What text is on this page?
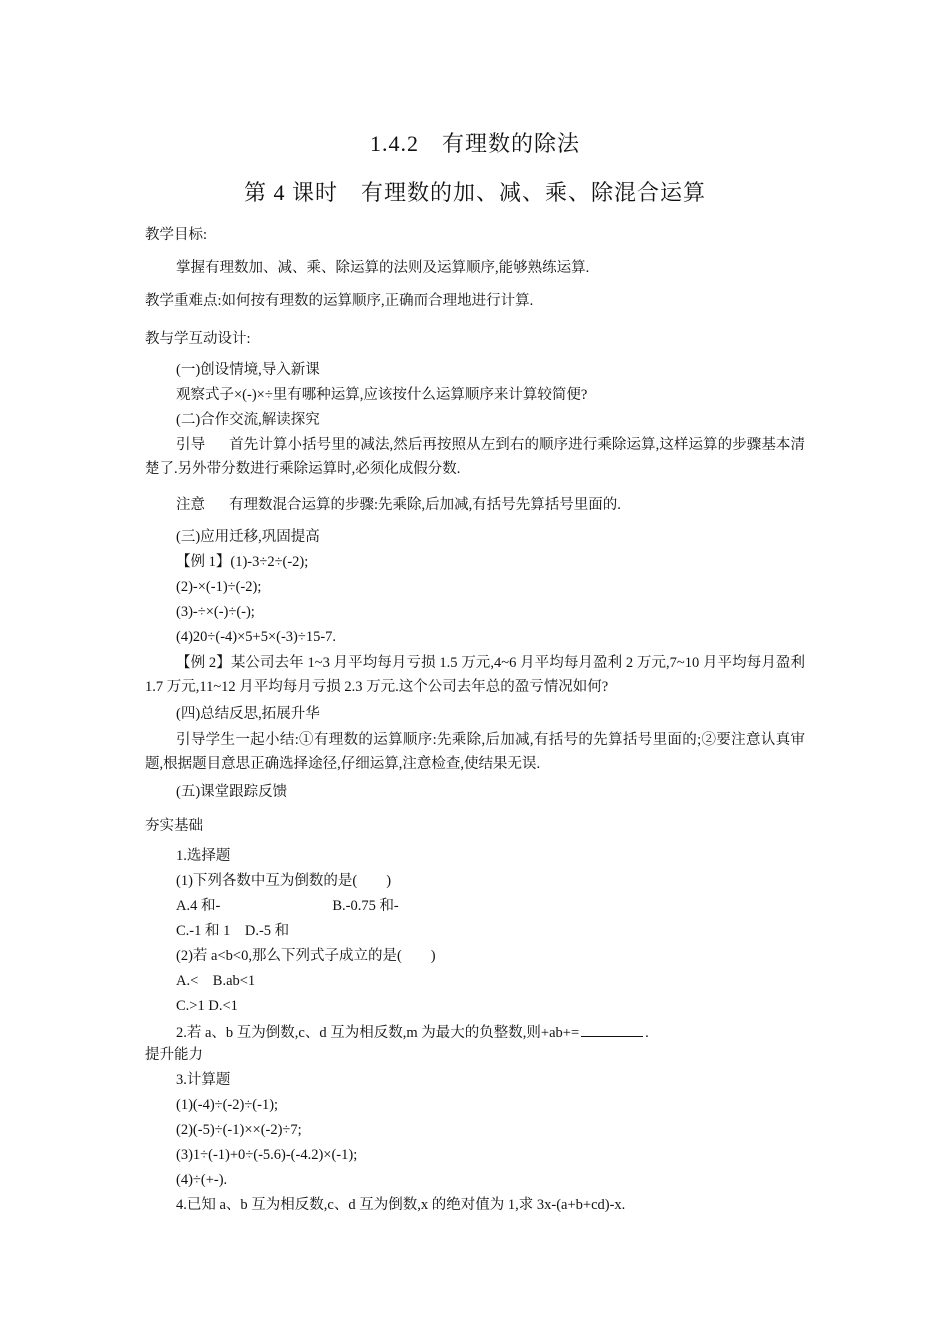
1.4.2　有理数的除法
第 4 课时　有理数的加、减、乘、除混合运算
教学目标:
掌握有理数加、减、乘、除运算的法则及运算顺序,能够熟练运算.
教学重难点:如何按有理数的运算顺序,正确而合理地进行计算.
教与学互动设计:
(一)创设情境,导入新课
观察式子×(-)×÷里有哪种运算,应该按什么运算顺序来计算较简便?
(二)合作交流,解读探究
引导 首先计算小括号里的减法,然后再按照从左到右的顺序进行乘除运算,这样运算的步骤基本清楚了.另外带分数进行乘除运算时,必须化成假分数.
注意 有理数混合运算的步骤:先乘除,后加减,有括号先算括号里面的.
(三)应用迁移,巩固提高
【例 1】(1)-3÷2÷(-2);
(2)-×(-1)÷(-2);
(3)-÷×(-)÷(-);
(4)20÷(-4)×5+5×(-3)÷15-7.
【例 2】某公司去年 1~3 月平均每月亏损 1.5 万元,4~6 月平均每月盈利 2 万元,7~10 月平均每月盈利 1.7 万元,11~12 月平均每月亏损 2.3 万元.这个公司去年总的盈亏情况如何?
(四)总结反思,拓展升华
引导学生一起小结:①有理数的运算顺序:先乘除,后加减,有括号的先算括号里面的;②要注意认真审题,根据题目意思正确选择途径,仔细运算,注意检查,使结果无误.
(五)课堂跟踪反馈
夯实基础
1.选择题
(1)下列各数中互为倒数的是(　　)
A.4 和-	B.-0.75 和-
C.-1 和 1　D.-5 和
(2)若 a<b<0,那么下列式子成立的是(　　)
A.<　B.ab<1
C.>1 D.<1
2.若 a、b 互为倒数,c、d 互为相反数,m 为最大的负整数,则+ab+=	.
提升能力
3.计算题
(1)(-4)÷(-2)÷(-1);
(2)(-5)÷(-1)××(-2)÷7;
(3)1÷(-1)+0÷(-5.6)-(-4.2)×(-1);
(4)÷(+-).
4.已知 a、b 互为相反数,c、d 互为倒数,x 的绝对值为 1,求 3x-(a+b+cd)-x.
